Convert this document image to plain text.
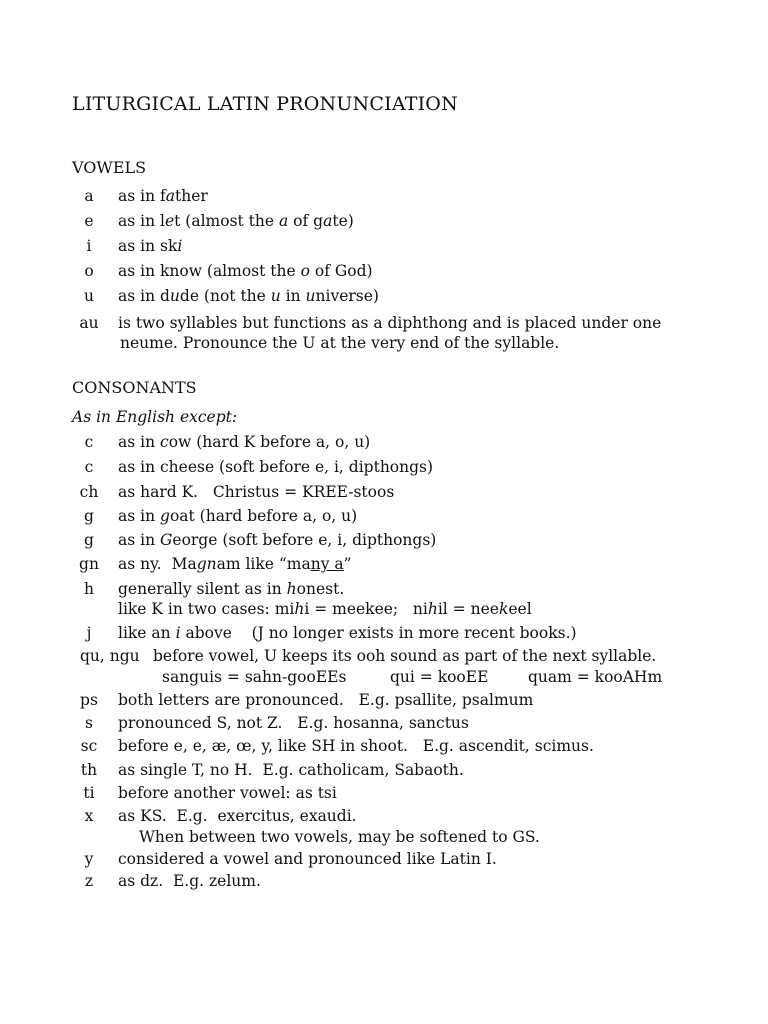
LITURGICAL LATIN PRONUNCIATION
VOWELS
a	as in father
e	as in let (almost the a of gate)
i	as in ski
o	as in know (almost the o of God)
u	as in dude (not the u in universe)
au	is two syllables but functions as a diphthong and is placed under one
neume. Pronounce the U at the very end of the syllable.
CONSONANTS
As in English except:
c	as in cow (hard K before a, o, u)
c	as in cheese (soft before e, i, dipthongs)
ch	as hard K.   Christus = KREE-stoos
g	as in goat (hard before a, o, u)
g	as in George (soft before e, i, dipthongs)
gn	as ny.  Magnam like “many a”
h	generally silent as in honest.
like K in two cases: mihi = meekee;   nihil = neekeel
j	like an i above    (J no longer exists in more recent books.)
qu, ngu before vowel, U keeps its ooh sound as part of the next syllable.
sanguis = sahn-gooEEs	qui = kooEE	quam = kooAHm
ps	both letters are pronounced.   E.g. psallite, psalmum
s	pronounced S, not Z.   E.g. hosanna, sanctus
sc	before e, e, æ, œ, y, like SH in shoot.   E.g. ascendit, scimus.
th	as single T, no H.  E.g. catholicam, Sabaoth.
ti	before another vowel: as tsi
x	as KS.  E.g.  exercitus, exaudi.
When between two vowels, may be softened to GS.
y	considered a vowel and pronounced like Latin I.
z	as dz.  E.g. zelum.
